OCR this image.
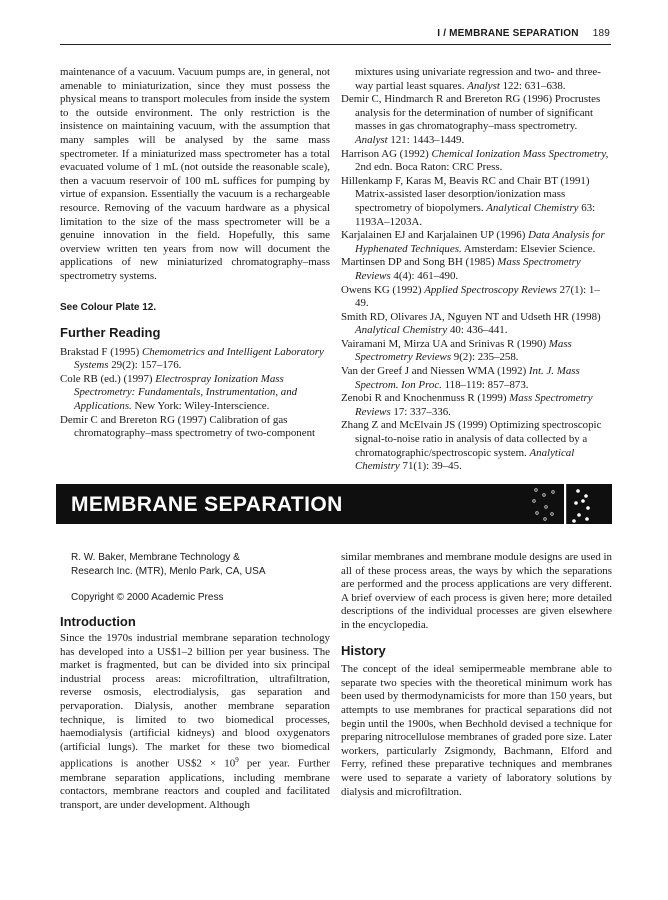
I / MEMBRANE SEPARATION 189

maintenance of a vacuum. Vacuum pumps are, in general, not amenable to miniaturization, since they must possess the physical means to transport molecules from inside the system to the outside environment. The only restriction is the insistence on maintaining vacuum, with the assumption that many samples will be analysed by the same mass spectrometer. If a miniaturized mass spectrometer has a total evacuated volume of 1 mL (not outside the reasonable scale), then a vacuum reservoir of 100 mL suffices for pumping by virtue of expansion. Essentially the vacuum is a rechargeable resource. Removing of the vacuum hardware as a physical limitation to the size of the mass spectrometer will be a genuine innovation in the field. Hopefully, this same overview written ten years from now will document the applications of new miniaturized chromatography–mass spectrometry systems.

See Colour Plate 12.

Further Reading

Brakstad F (1995) Chemometrics and Intelligent Laboratory Systems 29(2): 157–176.

Cole RB (ed.) (1997) Electrospray Ionization Mass Spectrometry: Fundamentals, Instrumentation, and Applications. New York: Wiley-Interscience.

Demir C and Brereton RG (1997) Calibration of gas chromatography–mass spectrometry of two-component

mixtures using univariate regression and two- and three-way partial least squares. Analyst 122: 631–638.

Demir C, Hindmarch R and Brereton RG (1996) Procrustes analysis for the determination of number of significant masses in gas chromatography–mass spectrometry. Analyst 121: 1443–1449.

Harrison AG (1992) Chemical Ionization Mass Spectrometry, 2nd edn. Boca Raton: CRC Press.

Hillenkamp F, Karas M, Beavis RC and Chair BT (1991) Matrix-assisted laser desorption/ionization mass spectrometry of biopolymers. Analytical Chemistry 63: 1193A–1203A.

Karjalainen EJ and Karjalainen UP (1996) Data Analysis for Hyphenated Techniques. Amsterdam: Elsevier Science.

Martinsen DP and Song BH (1985) Mass Spectrometry Reviews 4(4): 461–490.

Owens KG (1992) Applied Spectroscopy Reviews 27(1): 1–49.

Smith RD, Olivares JA, Nguyen NT and Udseth HR (1998) Analytical Chemistry 40: 436–441.

Vairamani M, Mirza UA and Srinivas R (1990) Mass Spectrometry Reviews 9(2): 235–258.

Van der Greef J and Niessen WMA (1992) Int. J. Mass Spectrom. Ion Proc. 118–119: 857–873.

Zenobi R and Knochenmuss R (1999) Mass Spectrometry Reviews 17: 337–336.

Zhang Z and McElvain JS (1999) Optimizing spectroscopic signal-to-noise ratio in analysis of data collected by a chromatographic/spectroscopic system. Analytical Chemistry 71(1): 39–45.

MEMBRANE SEPARATION
R. W. Baker, Membrane Technology &
Research Inc. (MTR), Menlo Park, CA, USA
Copyright © 2000 Academic Press
Introduction

Since the 1970s industrial membrane separation technology has developed into a US$1–2 billion per year business. The market is fragmented, but can be divided into six principal industrial process areas: microfiltration, ultrafiltration, reverse osmosis, electrodialysis, gas separation and pervaporation. Dialysis, another membrane separation technique, is limited to two biomedical processes, haemodialysis (artificial kidneys) and blood oxygenators (artificial lungs). The market for these two biomedical applications is another US$2 × $10^9$ per year. Further membrane separation applications, including membrane contactors, membrane reactors and coupled and facilitated transport, are under development. Although

similar membranes and membrane module designs are used in all of these process areas, the ways by which the separations are performed and the process applications are very different. A brief overview of each process is given here; more detailed descriptions of the individual processes are given elsewhere in the encyclopedia.

History

The concept of the ideal semipermeable membrane able to separate two species with the theoretical minimum work has been used by thermodynamicists for more than 150 years, but attempts to use membranes for practical separations did not begin until the 1900s, when Bechhold devised a technique for preparing nitrocellulose membranes of graded pore size. Later workers, particularly Zsigmondy, Bachmann, Elford and Ferry, refined these preparative techniques and membranes were used to separate a variety of laboratory solutions by dialysis and microfiltration.
